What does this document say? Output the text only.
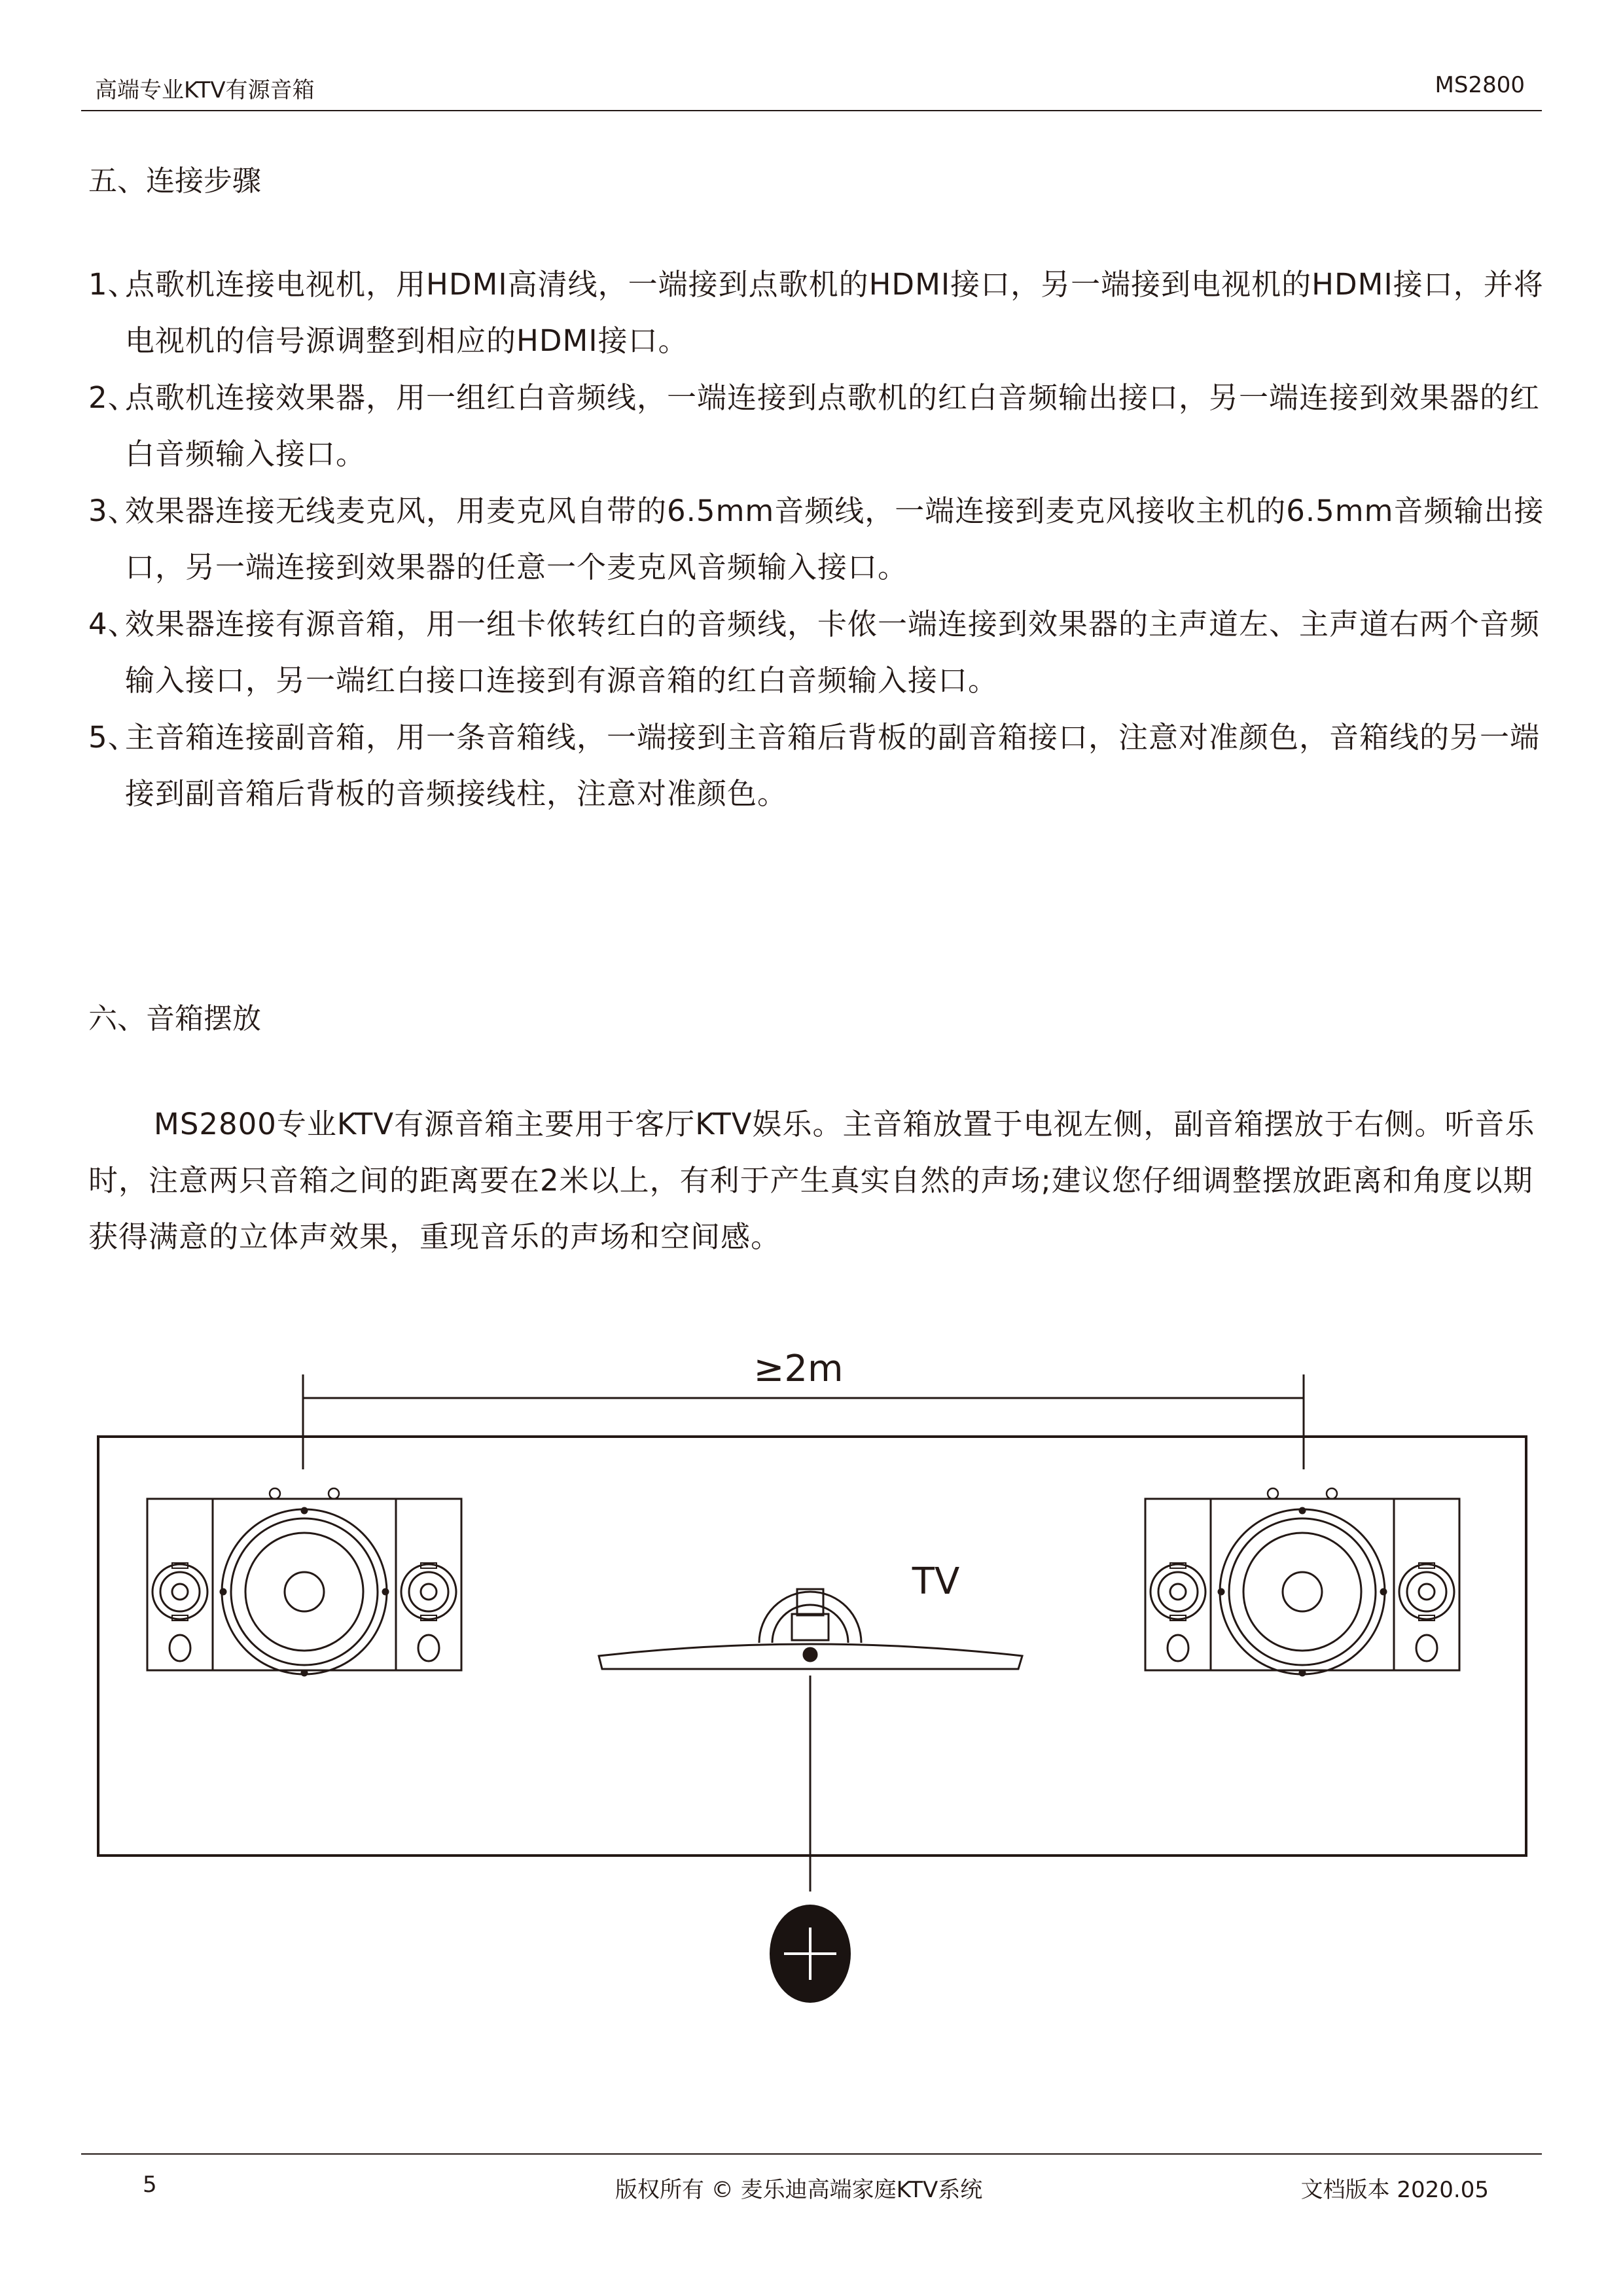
高端专业KTV有源音箱	MS2800
五、连接步骤
1、
点歌机连接电视机，用HDMI高清线，一端接到点歌机的HDMI接口，另一端接到电视机的HDMI接口，并将电视机的信号源调整到相应的HDMI接口。
2、
点歌机连接效果器，用一组红白音频线，一端连接到点歌机的红白音频输出接口，另一端连接到效果器的红白音频输入接口。
3、
效果器连接无线麦克风，用麦克风自带的6.5mm音频线，一端连接到麦克风接收主机的6.5mm音频输出接口，另一端连接到效果器的任意一个麦克风音频输入接口。
4、
效果器连接有源音箱，用一组卡侬转红白的音频线，卡侬一端连接到效果器的主声道左、主声道右两个音频输入接口，另一端红白接口连接到有源音箱的红白音频输入接口。
5、
主音箱连接副音箱，用一条音箱线，一端接到主音箱后背板的副音箱接口，注意对准颜色，音箱线的另一端接到副音箱后背板的音频接线柱，注意对准颜色。
六、音箱摆放
MS2800专业KTV有源音箱主要用于客厅KTV娱乐。主音箱放置于电视左侧，副音箱摆放于右侧。听音乐时，注意两只音箱之间的距离要在2米以上，有利于产生真实自然的声场;建议您仔细调整摆放距离和角度以期获得满意的立体声效果，重现音乐的声场和空间感。
≥2m
TV
5	版权所有 © 麦乐迪高端家庭KTV系统	文档版本 2020.05
